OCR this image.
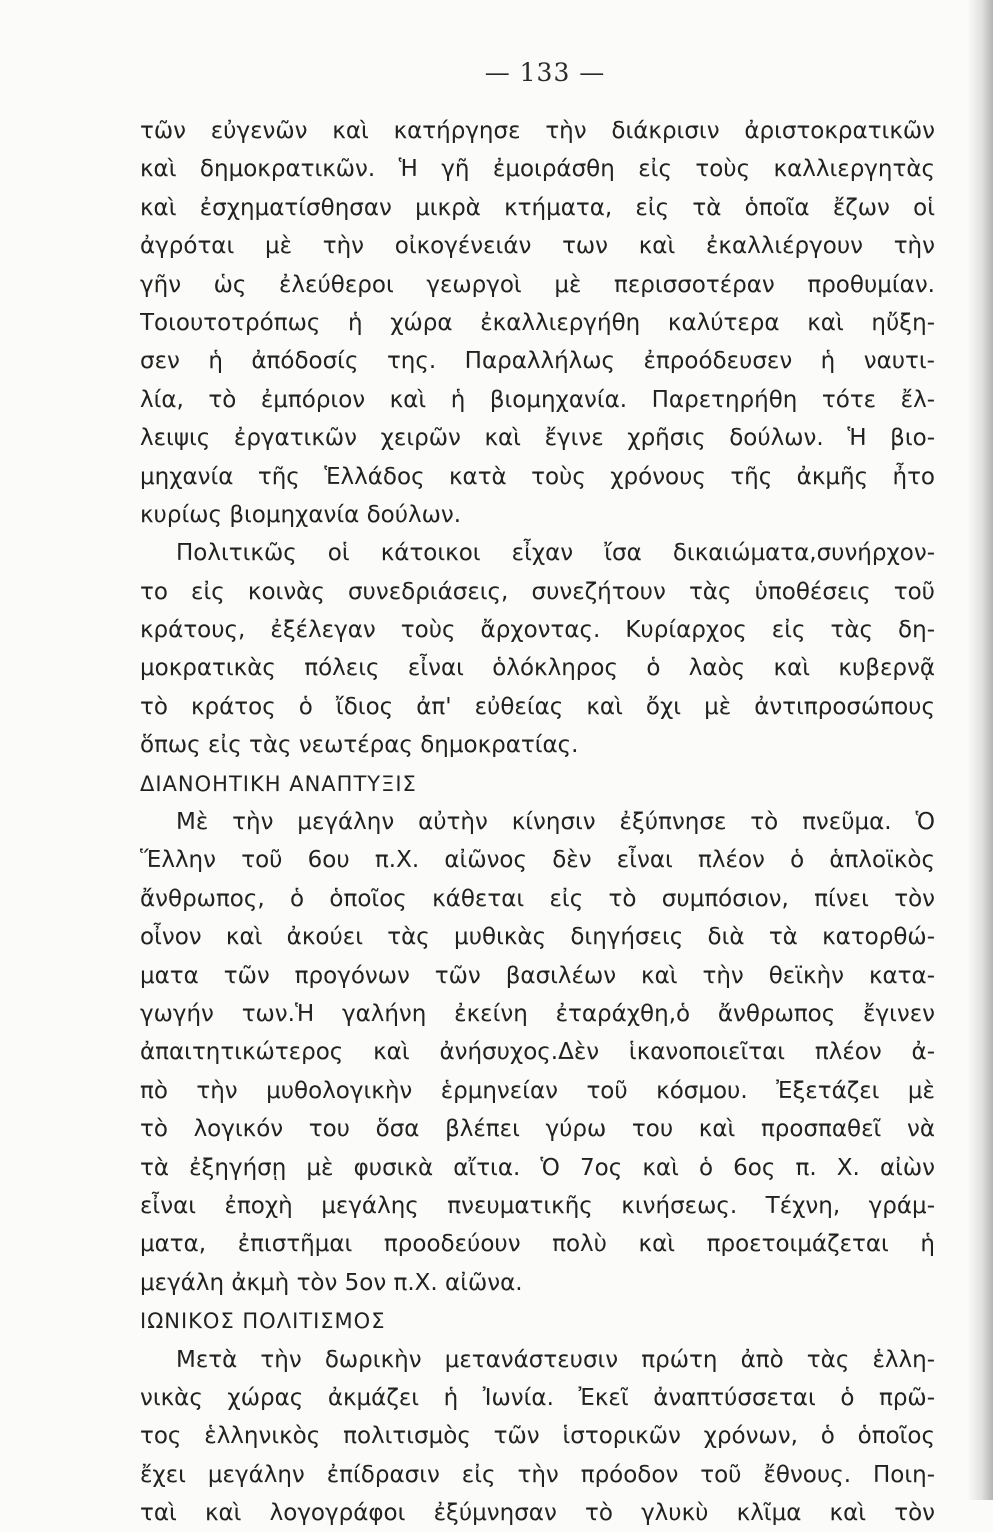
— 133 —
τῶν εὐγενῶν καὶ κατήργησε τὴν διάκρισιν ἀριστοκρατικῶν
καὶ δημοκρατικῶν. Ἡ γῆ ἐμοιράσθη εἰς τοὺς καλλιεργητὰς
καὶ ἐσχηματίσθησαν μικρὰ κτήματα, εἰς τὰ ὁποῖα ἔζων οἱ
ἀγρόται μὲ τὴν οἰκογένειάν των καὶ ἐκαλλιέργουν τὴν
γῆν ὡς ἐλεύθεροι γεωργοὶ μὲ περισσοτέραν προθυμίαν.
Τοιουτοτρόπως ἡ χώρα ἐκαλλιεργήθη καλύτερα καὶ ηὔξη-
σεν ἡ ἀπόδοσίς της. Παραλλήλως ἐπροόδευσεν ἡ ναυτι-
λία, τὸ ἐμπόριον καὶ ἡ βιομηχανία. Παρετηρήθη τότε ἔλ-
λειψις ἐργατικῶν χειρῶν καὶ ἔγινε χρῆσις δούλων. Ἡ βιο-
μηχανία τῆς Ἑλλάδος κατὰ τοὺς χρόνους τῆς ἀκμῆς ἦτο
κυρίως βιομηχανία δούλων.
Πολιτικῶς οἱ κάτοικοι εἶχαν ἴσα δικαιώματα,συνήρχον-
το εἰς κοινὰς συνεδριάσεις, συνεζήτουν τὰς ὑποθέσεις τοῦ
κράτους, ἐξέλεγαν τοὺς ἄρχοντας. Κυρίαρχος εἰς τὰς δη-
μοκρατικὰς πόλεις εἶναι ὁλόκληρος ὁ λαὸς καὶ κυβερνᾷ
τὸ κράτος ὁ ἴδιος ἀπ' εὐθείας καὶ ὄχι μὲ ἀντιπροσώπους
ὅπως εἰς τὰς νεωτέρας δημοκρατίας.
ΔΙΑΝΟΗΤΙΚΗ ΑΝΑΠΤΥΞΙΣ
Μὲ τὴν μεγάλην αὐτὴν κίνησιν ἐξύπνησε τὸ πνεῦμα. Ὁ
Ἕλλην τοῦ 6ου π.Χ. αἰῶνος δὲν εἶναι πλέον ὁ ἁπλοϊκὸς
ἄνθρωπος, ὁ ὁποῖος κάθεται εἰς τὸ συμπόσιον, πίνει τὸν
οἶνον καὶ ἀκούει τὰς μυθικὰς διηγήσεις διὰ τὰ κατορθώ-
ματα τῶν προγόνων τῶν βασιλέων καὶ τὴν θεϊκὴν κατα-
γωγήν των.Ἡ γαλήνη ἐκείνη ἐταράχθη,ὁ ἄνθρωπος ἔγινεν
ἀπαιτητικώτερος καὶ ἀνήσυχος.Δὲν ἱκανοποιεῖται πλέον ἀ-
πὸ τὴν μυθολογικὴν ἑρμηνείαν τοῦ κόσμου. Ἐξετάζει μὲ
τὸ λογικόν του ὅσα βλέπει γύρω του καὶ προσπαθεῖ νὰ
τὰ ἐξηγήσῃ μὲ φυσικὰ αἴτια. Ὁ 7ος καὶ ὁ 6ος π. Χ. αἰὼν
εἶναι ἐποχὴ μεγάλης πνευματικῆς κινήσεως. Τέχνη, γράμ-
ματα, ἐπιστῆμαι προοδεύουν πολὺ καὶ προετοιμάζεται ἡ
μεγάλη ἀκμὴ τὸν 5ον π.Χ. αἰῶνα.
ΙΩΝΙΚΟΣ ΠΟΛΙΤΙΣΜΟΣ
Μετὰ τὴν δωρικὴν μετανάστευσιν πρώτη ἀπὸ τὰς ἑλλη-
νικὰς χώρας ἀκμάζει ἡ Ἰωνία. Ἐκεῖ ἀναπτύσσεται ὁ πρῶ-
τος ἑλληνικὸς πολιτισμὸς τῶν ἱστορικῶν χρόνων, ὁ ὁποῖος
ἔχει μεγάλην ἐπίδρασιν εἰς τὴν πρόοδον τοῦ ἔθνους. Ποιη-
ταὶ καὶ λογογράφοι ἐξύμνησαν τὸ γλυκὺ κλῖμα καὶ τὸν
